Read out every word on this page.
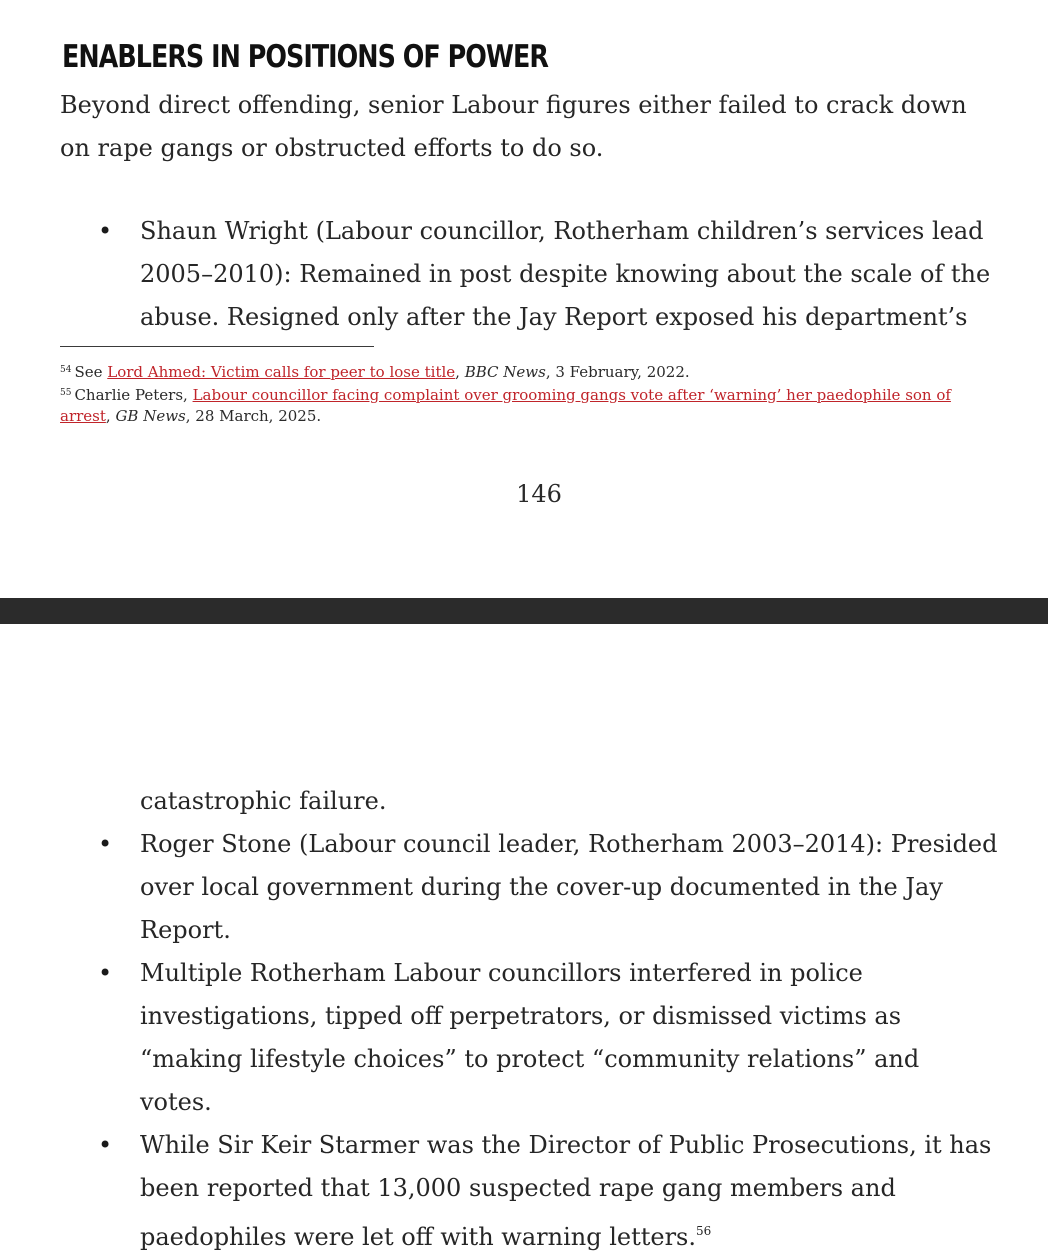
ENABLERS IN POSITIONS OF POWER

Beyond direct offending, senior Labour figures either failed to crack down on rape gangs or obstructed efforts to do so.

• Shaun Wright (Labour councillor, Rotherham children’s services lead 2005–2010): Remained in post despite knowing about the scale of the abuse. Resigned only after the Jay Report exposed his department’s

$^{54}$ See Lord Ahmed: Victim calls for peer to lose title, BBC News, 3 February, 2022.

$^{55}$ Charlie Peters, Labour councillor facing complaint over grooming gangs vote after ‘warning’ her paedophile son of arrest, GB News, 28 March, 2025.

146

catastrophic failure.

• Roger Stone (Labour council leader, Rotherham 2003–2014): Presided over local government during the cover-up documented in the Jay Report.
• Multiple Rotherham Labour councillors interfered in police investigations, tipped off perpetrators, or dismissed victims as “making lifestyle choices” to protect “community relations” and votes.
• While Sir Keir Starmer was the Director of Public Prosecutions, it has been reported that 13,000 suspected rape gang members and paedophiles were let off with warning letters.$^{56}$
